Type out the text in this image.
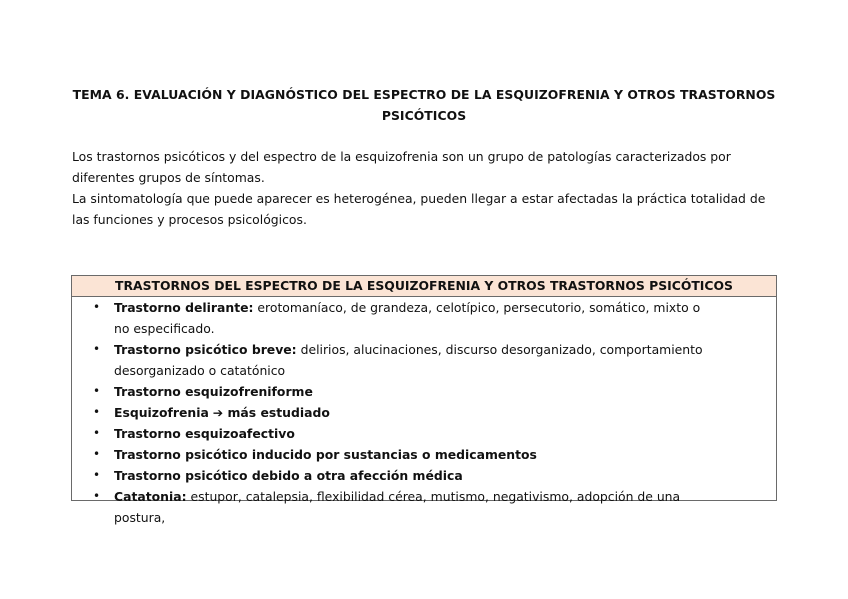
TEMA 6. EVALUACIÓN Y DIAGNÓSTICO DEL ESPECTRO DE LA ESQUIZOFRENIA Y OTROS TRASTORNOS PSICÓTICOS

Los trastornos psicóticos y del espectro de la esquizofrenia son un grupo de patologías caracterizados por diferentes grupos de síntomas.

La sintomatología que puede aparecer es heterogénea, pueden llegar a estar afectadas la práctica totalidad de las funciones y procesos psicológicos.

TRASTORNOS DEL ESPECTRO DE LA ESQUIZOFRENIA Y OTROS TRASTORNOS PSICÓTICOS
• Trastorno delirante: erotomaníaco, de grandeza, celotípico, persecutorio, somático, mixto o no especificado.
• Trastorno psicótico breve: delirios, alucinaciones, discurso desorganizado, comportamiento desorganizado o catatónico
• Trastorno esquizofreniforme
• Esquizofrenia ➔ más estudiado
• Trastorno esquizoafectivo
• Trastorno psicótico inducido por sustancias o medicamentos
• Trastorno psicótico debido a otra afección médica
• Catatonia: estupor, catalepsia, flexibilidad cérea, mutismo, negativismo, adopción de una postura,
